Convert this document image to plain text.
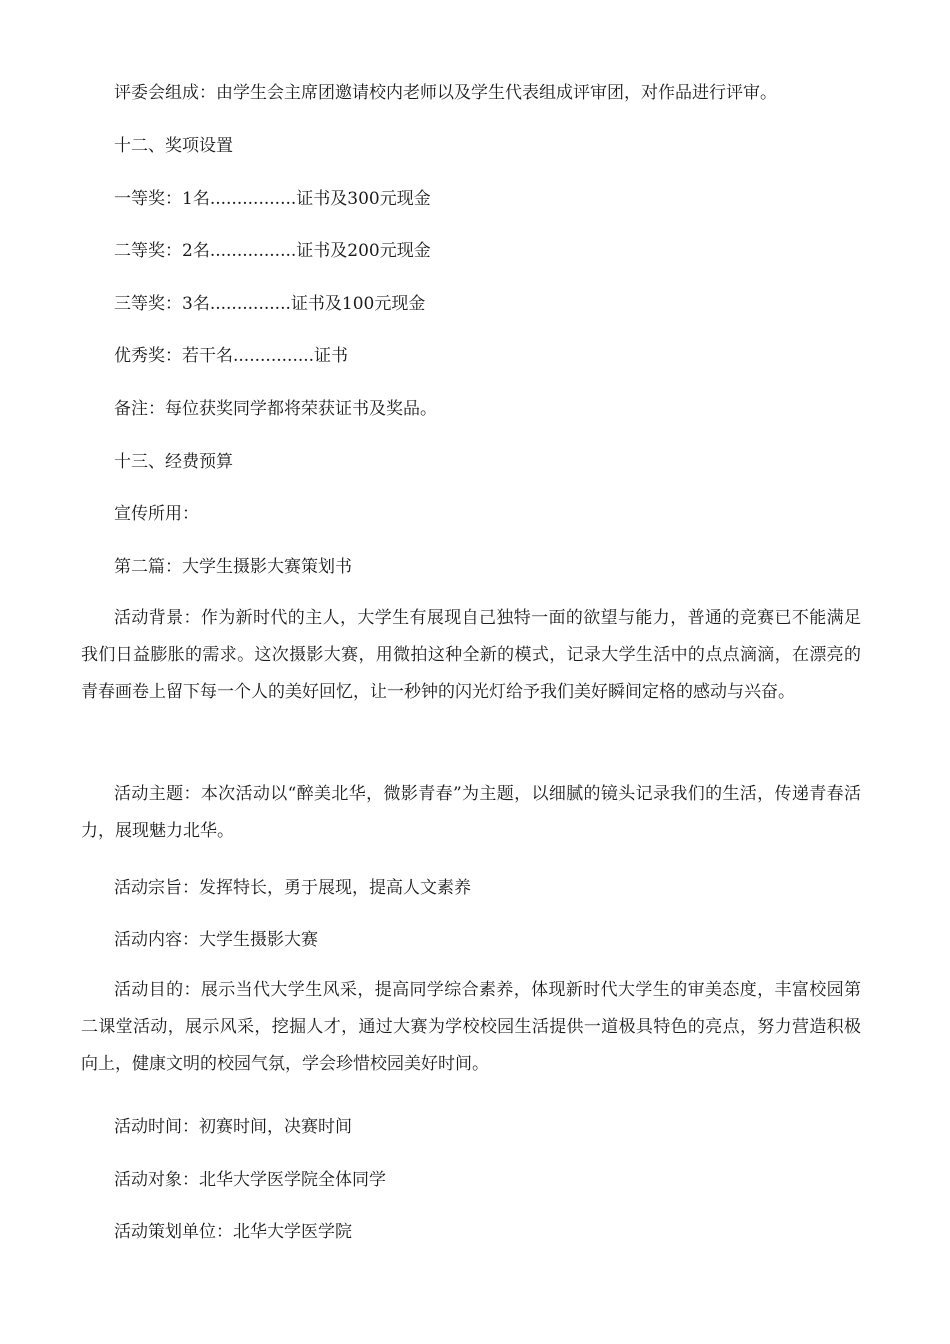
评委会组成：由学生会主席团邀请校内老师以及学生代表组成评审团，对作品进行评审。
十二、奖项设置
一等奖：1名................证书及300元现金
二等奖：2名................证书及200元现金
三等奖：3名...............证书及100元现金
优秀奖：若干名...............证书
备注：每位获奖同学都将荣获证书及奖品。
十三、经费预算
宣传所用：
第二篇：大学生摄影大赛策划书
活动背景：作为新时代的主人，大学生有展现自己独特一面的欲望与能力，普通的竞赛已不能满足我们日益膨胀的需求。这次摄影大赛，用微拍这种全新的模式，记录大学生活中的点点滴滴，在漂亮的青春画卷上留下每一个人的美好回忆，让一秒钟的闪光灯给予我们美好瞬间定格的感动与兴奋。
活动主题：本次活动以“醉美北华，微影青春”为主题，以细腻的镜头记录我们的生活，传递青春活力，展现魅力北华。
活动宗旨：发挥特长，勇于展现，提高人文素养
活动内容：大学生摄影大赛
活动目的：展示当代大学生风采，提高同学综合素养，体现新时代大学生的审美态度，丰富校园第二课堂活动，展示风采，挖掘人才，通过大赛为学校校园生活提供一道极具特色的亮点，努力营造积极向上，健康文明的校园气氛，学会珍惜校园美好时间。
活动时间：初赛时间，决赛时间
活动对象：北华大学医学院全体同学
活动策划单位：北华大学医学院
